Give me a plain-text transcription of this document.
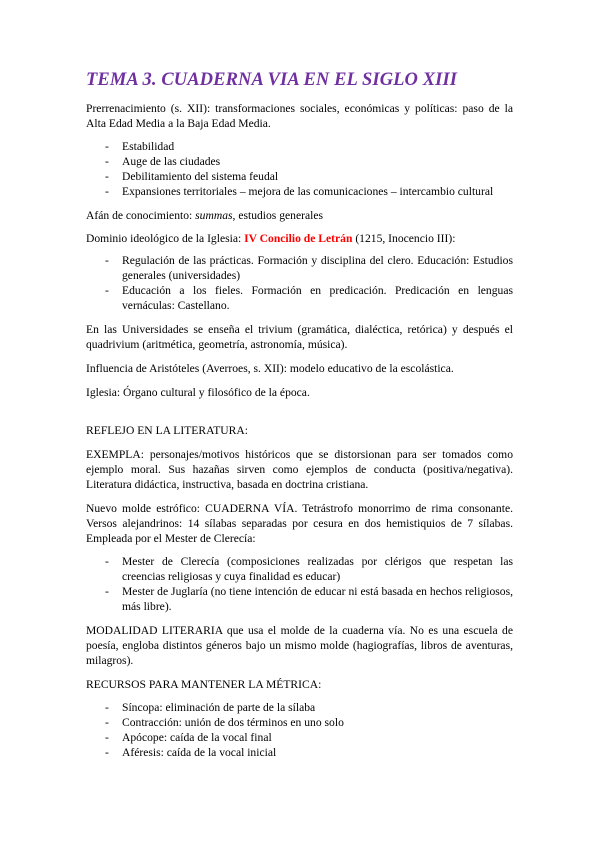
TEMA 3. CUADERNA VIA EN EL SIGLO XIII

Prerrenacimiento (s. XII): transformaciones sociales, económicas y políticas: paso de la Alta Edad Media a la Baja Edad Media.

- Estabilidad
- Auge de las ciudades
- Debilitamiento del sistema feudal
- Expansiones territoriales – mejora de las comunicaciones – intercambio cultural

Afán de conocimiento: summas, estudios generales

Dominio ideológico de la Iglesia: IV Concilio de Letrán (1215, Inocencio III):

- Regulación de las prácticas. Formación y disciplina del clero. Educación: Estudios generales (universidades)
- Educación a los fieles. Formación en predicación. Predicación en lenguas vernáculas: Castellano.

En las Universidades se enseña el trivium (gramática, dialéctica, retórica) y después el quadrivium (aritmética, geometría, astronomía, música).

Influencia de Aristóteles (Averroes, s. XII): modelo educativo de la escolástica.

Iglesia: Órgano cultural y filosófico de la época.

REFLEJO EN LA LITERATURA:

EXEMPLA: personajes/motivos históricos que se distorsionan para ser tomados como ejemplo moral. Sus hazañas sirven como ejemplos de conducta (positiva/negativa). Literatura didáctica, instructiva, basada en doctrina cristiana.

Nuevo molde estrófico: CUADERNA VÍA. Tetrástrofo monorrimo de rima consonante. Versos alejandrinos: 14 sílabas separadas por cesura en dos hemistiquios de 7 sílabas. Empleada por el Mester de Clerecía:

- Mester de Clerecía (composiciones realizadas por clérigos que respetan las creencias religiosas y cuya finalidad es educar)
- Mester de Juglaría (no tiene intención de educar ni está basada en hechos religiosos, más libre).

MODALIDAD LITERARIA que usa el molde de la cuaderna vía. No es una escuela de poesía, engloba distintos géneros bajo un mismo molde (hagiografías, libros de aventuras, milagros).

RECURSOS PARA MANTENER LA MÉTRICA:

- Síncopa: eliminación de parte de la sílaba
- Contracción: unión de dos términos en uno solo
- Apócope: caída de la vocal final
- Aféresis: caída de la vocal inicial
